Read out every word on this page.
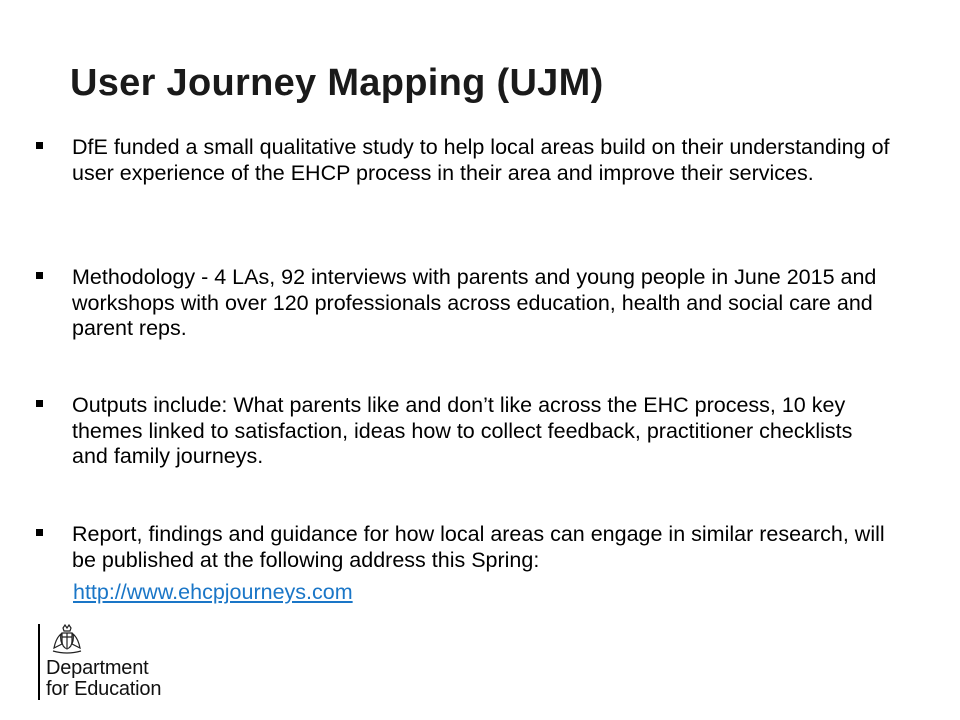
User Journey Mapping (UJM)
DfE funded a small qualitative study to help local areas build on their understanding of user experience of the EHCP process in their area and improve their services.
Methodology - 4 LAs, 92 interviews with parents and young people in June 2015 and workshops with over 120 professionals across education, health and social care and parent reps.
Outputs include: What parents like and don’t like across the EHC process, 10 key themes linked to satisfaction, ideas how to collect feedback, practitioner checklists and family journeys.
Report, findings and guidance for how local areas can engage in similar research, will be published at the following address this Spring:
http://www.ehcpjourneys.com
Department
for Education
